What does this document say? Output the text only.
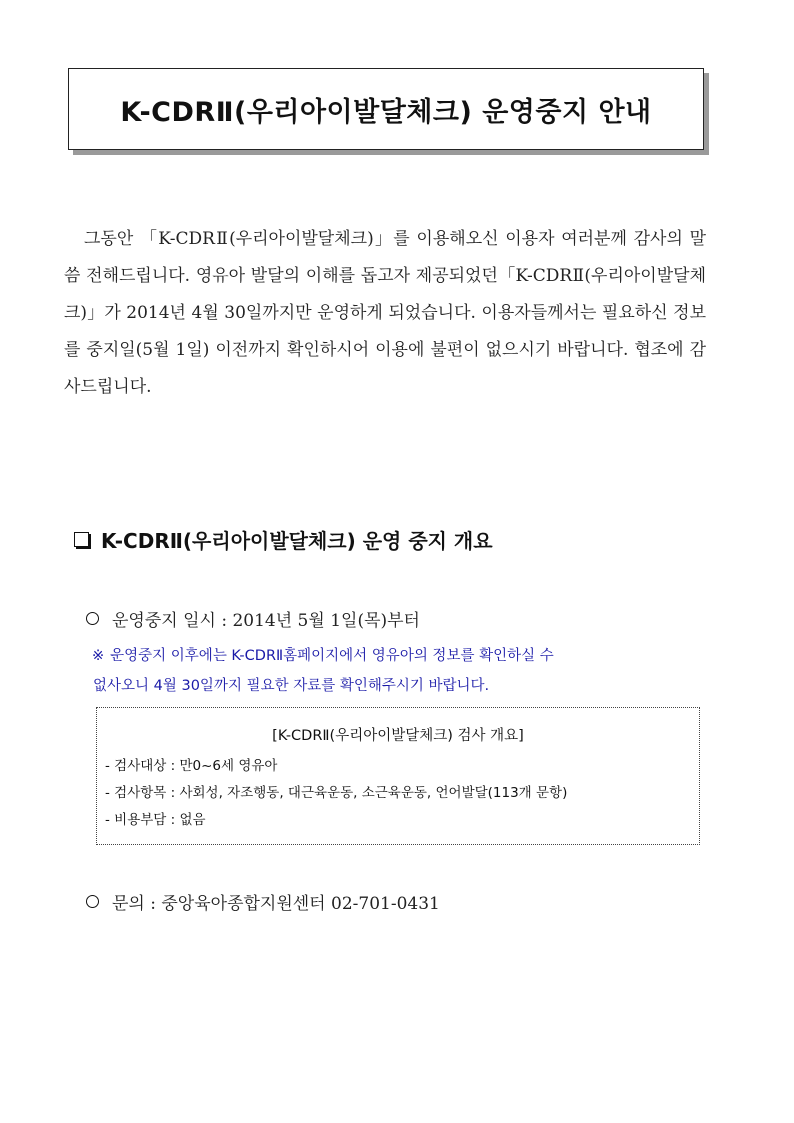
K-CDRⅡ(우리아이발달체크) 운영중지 안내

그동안 「K-CDRⅡ(우리아이발달체크)」를 이용해오신 이용자 여러분께 감사의 말씀 전해드립니다. 영유아 발달의 이해를 돕고자 제공되었던「K-CDRⅡ(우리아이발달체크)」가 2014년 4월 30일까지만 운영하게 되었습니다. 이용자들께서는 필요하신 정보를 중지일(5월 1일) 이전까지 확인하시어 이용에 불편이 없으시기 바랍니다. 협조에 감사드립니다.

K-CDRⅡ(우리아이발달체크) 운영 중지 개요
운영중지 일시 : 2014년 5월 1일(목)부터
※ 운영중지 이후에는 K-CDRⅡ홈페이지에서 영유아의 정보를 확인하실 수
없사오니 4월 30일까지 필요한 자료를 확인해주시기 바랍니다.
[K-CDRⅡ(우리아이발달체크) 검사 개요]
- 검사대상 : 만0~6세 영유아
- 검사항목 : 사회성, 자조행동, 대근육운동, 소근육운동, 언어발달(113개 문항)
- 비용부담 : 없음
문의 : 중앙육아종합지원센터 02-701-0431
